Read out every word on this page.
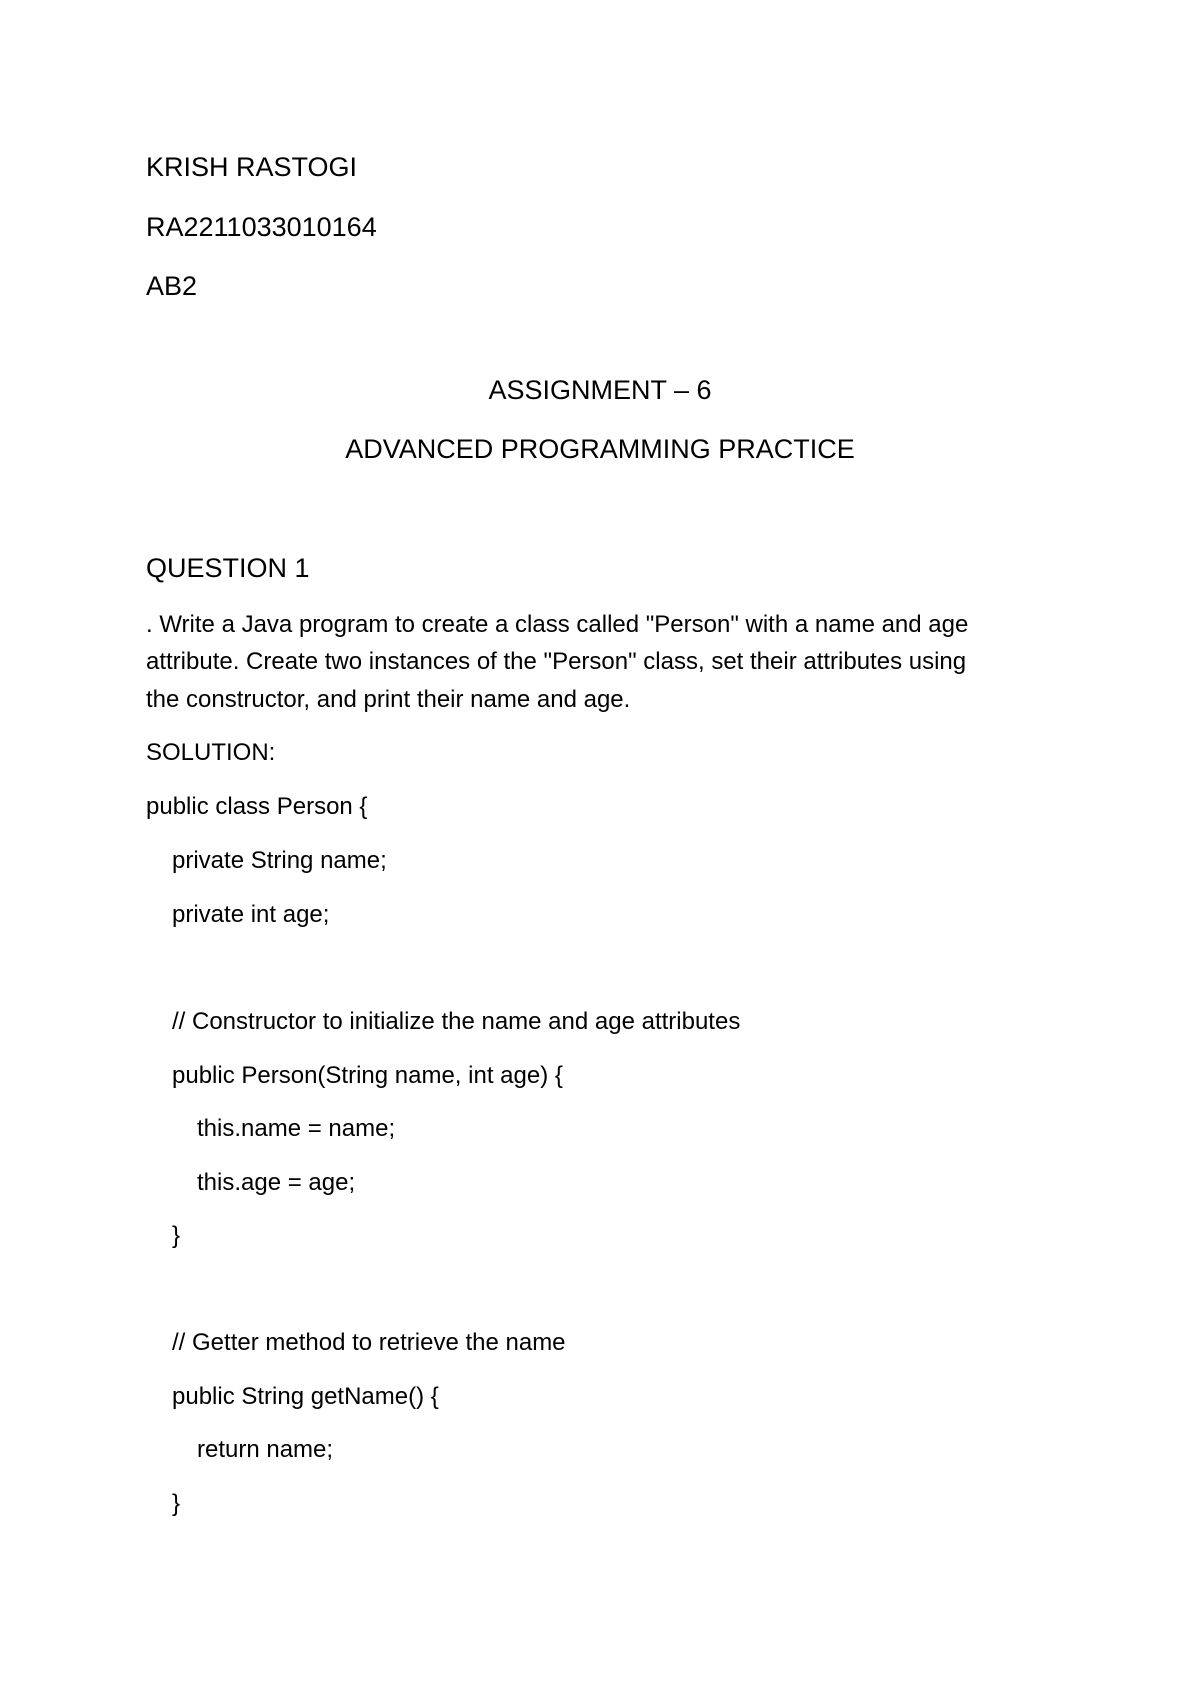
KRISH RASTOGI
RA2211033010164
AB2
ASSIGNMENT – 6
ADVANCED PROGRAMMING PRACTICE
QUESTION 1
. Write a Java program to create a class called "Person" with a name and age
attribute. Create two instances of the "Person" class, set their attributes using
the constructor, and print their name and age.
SOLUTION:
public class Person {
private String name;
private int age;
// Constructor to initialize the name and age attributes
public Person(String name, int age) {
this.name = name;
this.age = age;
}
// Getter method to retrieve the name
public String getName() {
return name;
}
